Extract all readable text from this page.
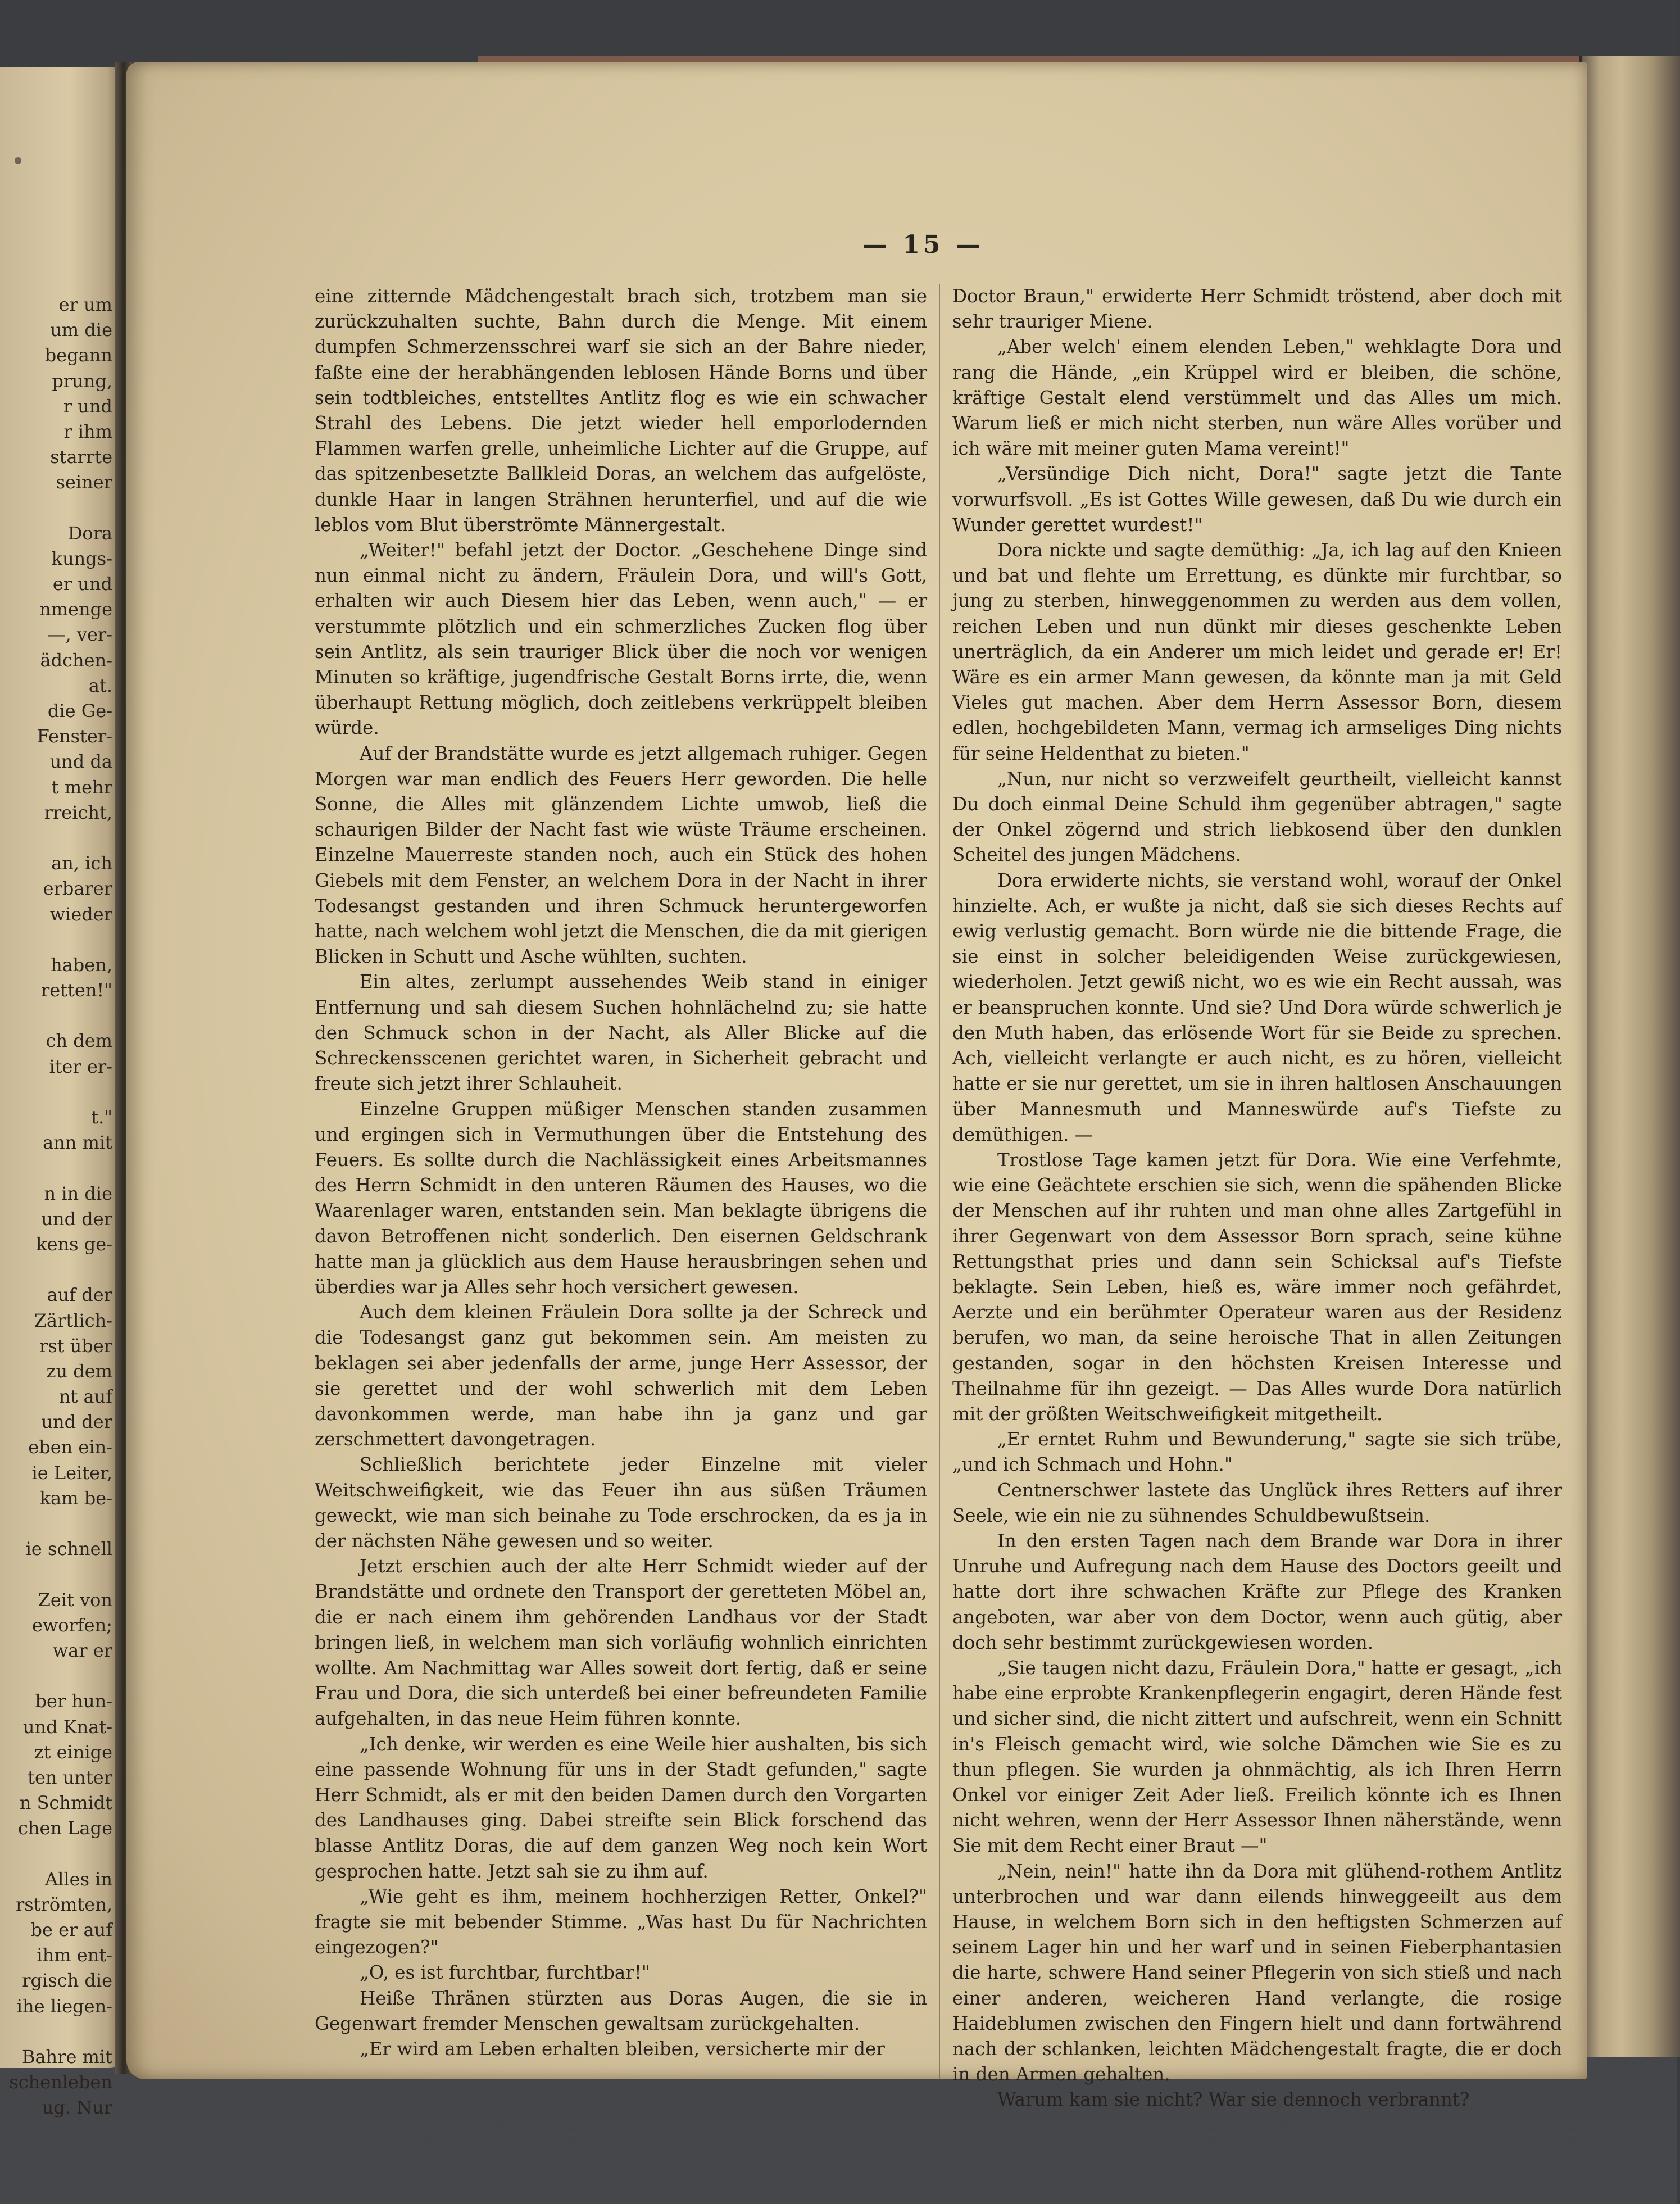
er um
um die
begann
prung,
r und
r ihm
starrte
seiner
Dora
kungs-
er und
nmenge
—, ver-
ädchen-
at.
die Ge-
Fenster-
und da
t mehr
rreicht,
an, ich
erbarer
wieder
haben,
retten!"
ch dem
iter er-
t."
ann mit
n in die
und der
kens ge-
auf der
Zärtlich-
rst über
zu dem
nt auf
und der
eben ein-
ie Leiter,
kam be-
ie schnell
Zeit von
eworfen;
war er
ber hun-
und Knat-
zt einige
ten unter
n Schmidt
chen Lage
Alles in
rströmten,
be er auf
ihm ent-
rgisch die
ihe liegen-
Bahre mit
schenleben
ug. Nur
— 15 —

eine zitternde Mädchengestalt brach sich, trotzbem man sie zurückzuhalten suchte, Bahn durch die Menge. Mit einem dumpfen Schmerzensschrei warf sie sich an der Bahre nieder, faßte eine der herabhängenden leblosen Hände Borns und über sein todtbleiches, entstelltes Antlitz flog es wie ein schwacher Strahl des Lebens. Die jetzt wieder hell emporlodernden Flammen warfen grelle, unheimliche Lichter auf die Gruppe, auf das spitzenbesetzte Ballkleid Doras, an welchem das aufgelöste, dunkle Haar in langen Strähnen herunterfiel, und auf die wie leblos vom Blut überströmte Männergestalt.

„Weiter!" befahl jetzt der Doctor. „Geschehene Dinge sind nun einmal nicht zu ändern, Fräulein Dora, und will's Gott, erhalten wir auch Diesem hier das Leben, wenn auch," — er verstummte plötzlich und ein schmerzliches Zucken flog über sein Antlitz, als sein trauriger Blick über die noch vor wenigen Minuten so kräftige, jugendfrische Gestalt Borns irrte, die, wenn überhaupt Rettung möglich, doch zeitlebens verkrüppelt bleiben würde.

Auf der Brandstätte wurde es jetzt allgemach ruhiger. Gegen Morgen war man endlich des Feuers Herr geworden. Die helle Sonne, die Alles mit glänzendem Lichte umwob, ließ die schaurigen Bilder der Nacht fast wie wüste Träume erscheinen. Einzelne Mauerreste standen noch, auch ein Stück des hohen Giebels mit dem Fenster, an welchem Dora in der Nacht in ihrer Todesangst gestanden und ihren Schmuck heruntergeworfen hatte, nach welchem wohl jetzt die Menschen, die da mit gierigen Blicken in Schutt und Asche wühlten, suchten.

Ein altes, zerlumpt aussehendes Weib stand in einiger Entfernung und sah diesem Suchen hohnlächelnd zu; sie hatte den Schmuck schon in der Nacht, als Aller Blicke auf die Schreckensscenen gerichtet waren, in Sicherheit gebracht und freute sich jetzt ihrer Schlauheit.

Einzelne Gruppen müßiger Menschen standen zusammen und ergingen sich in Vermuthungen über die Entstehung des Feuers. Es sollte durch die Nachlässigkeit eines Arbeitsmannes des Herrn Schmidt in den unteren Räumen des Hauses, wo die Waarenlager waren, entstanden sein. Man beklagte übrigens die davon Betroffenen nicht sonderlich. Den eisernen Geldschrank hatte man ja glücklich aus dem Hause herausbringen sehen und überdies war ja Alles sehr hoch versichert gewesen.

Auch dem kleinen Fräulein Dora sollte ja der Schreck und die Todesangst ganz gut bekommen sein. Am meisten zu beklagen sei aber jedenfalls der arme, junge Herr Assessor, der sie gerettet und der wohl schwerlich mit dem Leben davonkommen werde, man habe ihn ja ganz und gar zerschmettert davongetragen.

Schließlich berichtete jeder Einzelne mit vieler Weitschweifigkeit, wie das Feuer ihn aus süßen Träumen geweckt, wie man sich beinahe zu Tode erschrocken, da es ja in der nächsten Nähe gewesen und so weiter.

Jetzt erschien auch der alte Herr Schmidt wieder auf der Brandstätte und ordnete den Transport der geretteten Möbel an, die er nach einem ihm gehörenden Landhaus vor der Stadt bringen ließ, in welchem man sich vorläufig wohnlich einrichten wollte. Am Nachmittag war Alles soweit dort fertig, daß er seine Frau und Dora, die sich unterdeß bei einer befreundeten Familie aufgehalten, in das neue Heim führen konnte.

„Ich denke, wir werden es eine Weile hier aushalten, bis sich eine passende Wohnung für uns in der Stadt gefunden," sagte Herr Schmidt, als er mit den beiden Damen durch den Vorgarten des Landhauses ging. Dabei streifte sein Blick forschend das blasse Antlitz Doras, die auf dem ganzen Weg noch kein Wort gesprochen hatte. Jetzt sah sie zu ihm auf.

„Wie geht es ihm, meinem hochherzigen Retter, Onkel?" fragte sie mit bebender Stimme. „Was hast Du für Nachrichten eingezogen?"

„O, es ist furchtbar, furchtbar!"

Heiße Thränen stürzten aus Doras Augen, die sie in Gegenwart fremder Menschen gewaltsam zurückgehalten.

„Er wird am Leben erhalten bleiben, versicherte mir der

Doctor Braun," erwiderte Herr Schmidt tröstend, aber doch mit sehr trauriger Miene.

„Aber welch' einem elenden Leben," wehklagte Dora und rang die Hände, „ein Krüppel wird er bleiben, die schöne, kräftige Gestalt elend verstümmelt und das Alles um mich. Warum ließ er mich nicht sterben, nun wäre Alles vorüber und ich wäre mit meiner guten Mama vereint!"

„Versündige Dich nicht, Dora!" sagte jetzt die Tante vorwurfsvoll. „Es ist Gottes Wille gewesen, daß Du wie durch ein Wunder gerettet wurdest!"

Dora nickte und sagte demüthig: „Ja, ich lag auf den Knieen und bat und flehte um Errettung, es dünkte mir furchtbar, so jung zu sterben, hinweggenommen zu werden aus dem vollen, reichen Leben und nun dünkt mir dieses geschenkte Leben unerträglich, da ein Anderer um mich leidet und gerade er! Er! Wäre es ein armer Mann gewesen, da könnte man ja mit Geld Vieles gut machen. Aber dem Herrn Assessor Born, diesem edlen, hochgebildeten Mann, vermag ich armseliges Ding nichts für seine Heldenthat zu bieten."

„Nun, nur nicht so verzweifelt geurtheilt, vielleicht kannst Du doch einmal Deine Schuld ihm gegenüber abtragen," sagte der Onkel zögernd und strich liebkosend über den dunklen Scheitel des jungen Mädchens.

Dora erwiderte nichts, sie verstand wohl, worauf der Onkel hinzielte. Ach, er wußte ja nicht, daß sie sich dieses Rechts auf ewig verlustig gemacht. Born würde nie die bittende Frage, die sie einst in solcher beleidigenden Weise zurückgewiesen, wiederholen. Jetzt gewiß nicht, wo es wie ein Recht aussah, was er beanspruchen konnte. Und sie? Und Dora würde schwerlich je den Muth haben, das erlösende Wort für sie Beide zu sprechen. Ach, vielleicht verlangte er auch nicht, es zu hören, vielleicht hatte er sie nur gerettet, um sie in ihren haltlosen Anschauungen über Mannesmuth und Manneswürde auf's Tiefste zu demüthigen. —

Trostlose Tage kamen jetzt für Dora. Wie eine Verfehmte, wie eine Geächtete erschien sie sich, wenn die spähenden Blicke der Menschen auf ihr ruhten und man ohne alles Zartgefühl in ihrer Gegenwart von dem Assessor Born sprach, seine kühne Rettungsthat pries und dann sein Schicksal auf's Tiefste beklagte. Sein Leben, hieß es, wäre immer noch gefährdet, Aerzte und ein berühmter Operateur waren aus der Residenz berufen, wo man, da seine heroische That in allen Zeitungen gestanden, sogar in den höchsten Kreisen Interesse und Theilnahme für ihn gezeigt. — Das Alles wurde Dora natürlich mit der größten Weitschweifigkeit mitgetheilt.

„Er erntet Ruhm und Bewunderung," sagte sie sich trübe, „und ich Schmach und Hohn."

Centnerschwer lastete das Unglück ihres Retters auf ihrer Seele, wie ein nie zu sühnendes Schuldbewußtsein.

In den ersten Tagen nach dem Brande war Dora in ihrer Unruhe und Aufregung nach dem Hause des Doctors geeilt und hatte dort ihre schwachen Kräfte zur Pflege des Kranken angeboten, war aber von dem Doctor, wenn auch gütig, aber doch sehr bestimmt zurückgewiesen worden.

„Sie taugen nicht dazu, Fräulein Dora," hatte er gesagt, „ich habe eine erprobte Krankenpflegerin engagirt, deren Hände fest und sicher sind, die nicht zittert und aufschreit, wenn ein Schnitt in's Fleisch gemacht wird, wie solche Dämchen wie Sie es zu thun pflegen. Sie wurden ja ohnmächtig, als ich Ihren Herrn Onkel vor einiger Zeit Ader ließ. Freilich könnte ich es Ihnen nicht wehren, wenn der Herr Assessor Ihnen näherstände, wenn Sie mit dem Recht einer Braut —"

„Nein, nein!" hatte ihn da Dora mit glühend-rothem Antlitz unterbrochen und war dann eilends hinweggeeilt aus dem Hause, in welchem Born sich in den heftigsten Schmerzen auf seinem Lager hin und her warf und in seinen Fieberphantasien die harte, schwere Hand seiner Pflegerin von sich stieß und nach einer anderen, weicheren Hand verlangte, die rosige Haideblumen zwischen den Fingern hielt und dann fortwährend nach der schlanken, leichten Mädchengestalt fragte, die er doch in den Armen gehalten.

Warum kam sie nicht? War sie dennoch verbrannt?
